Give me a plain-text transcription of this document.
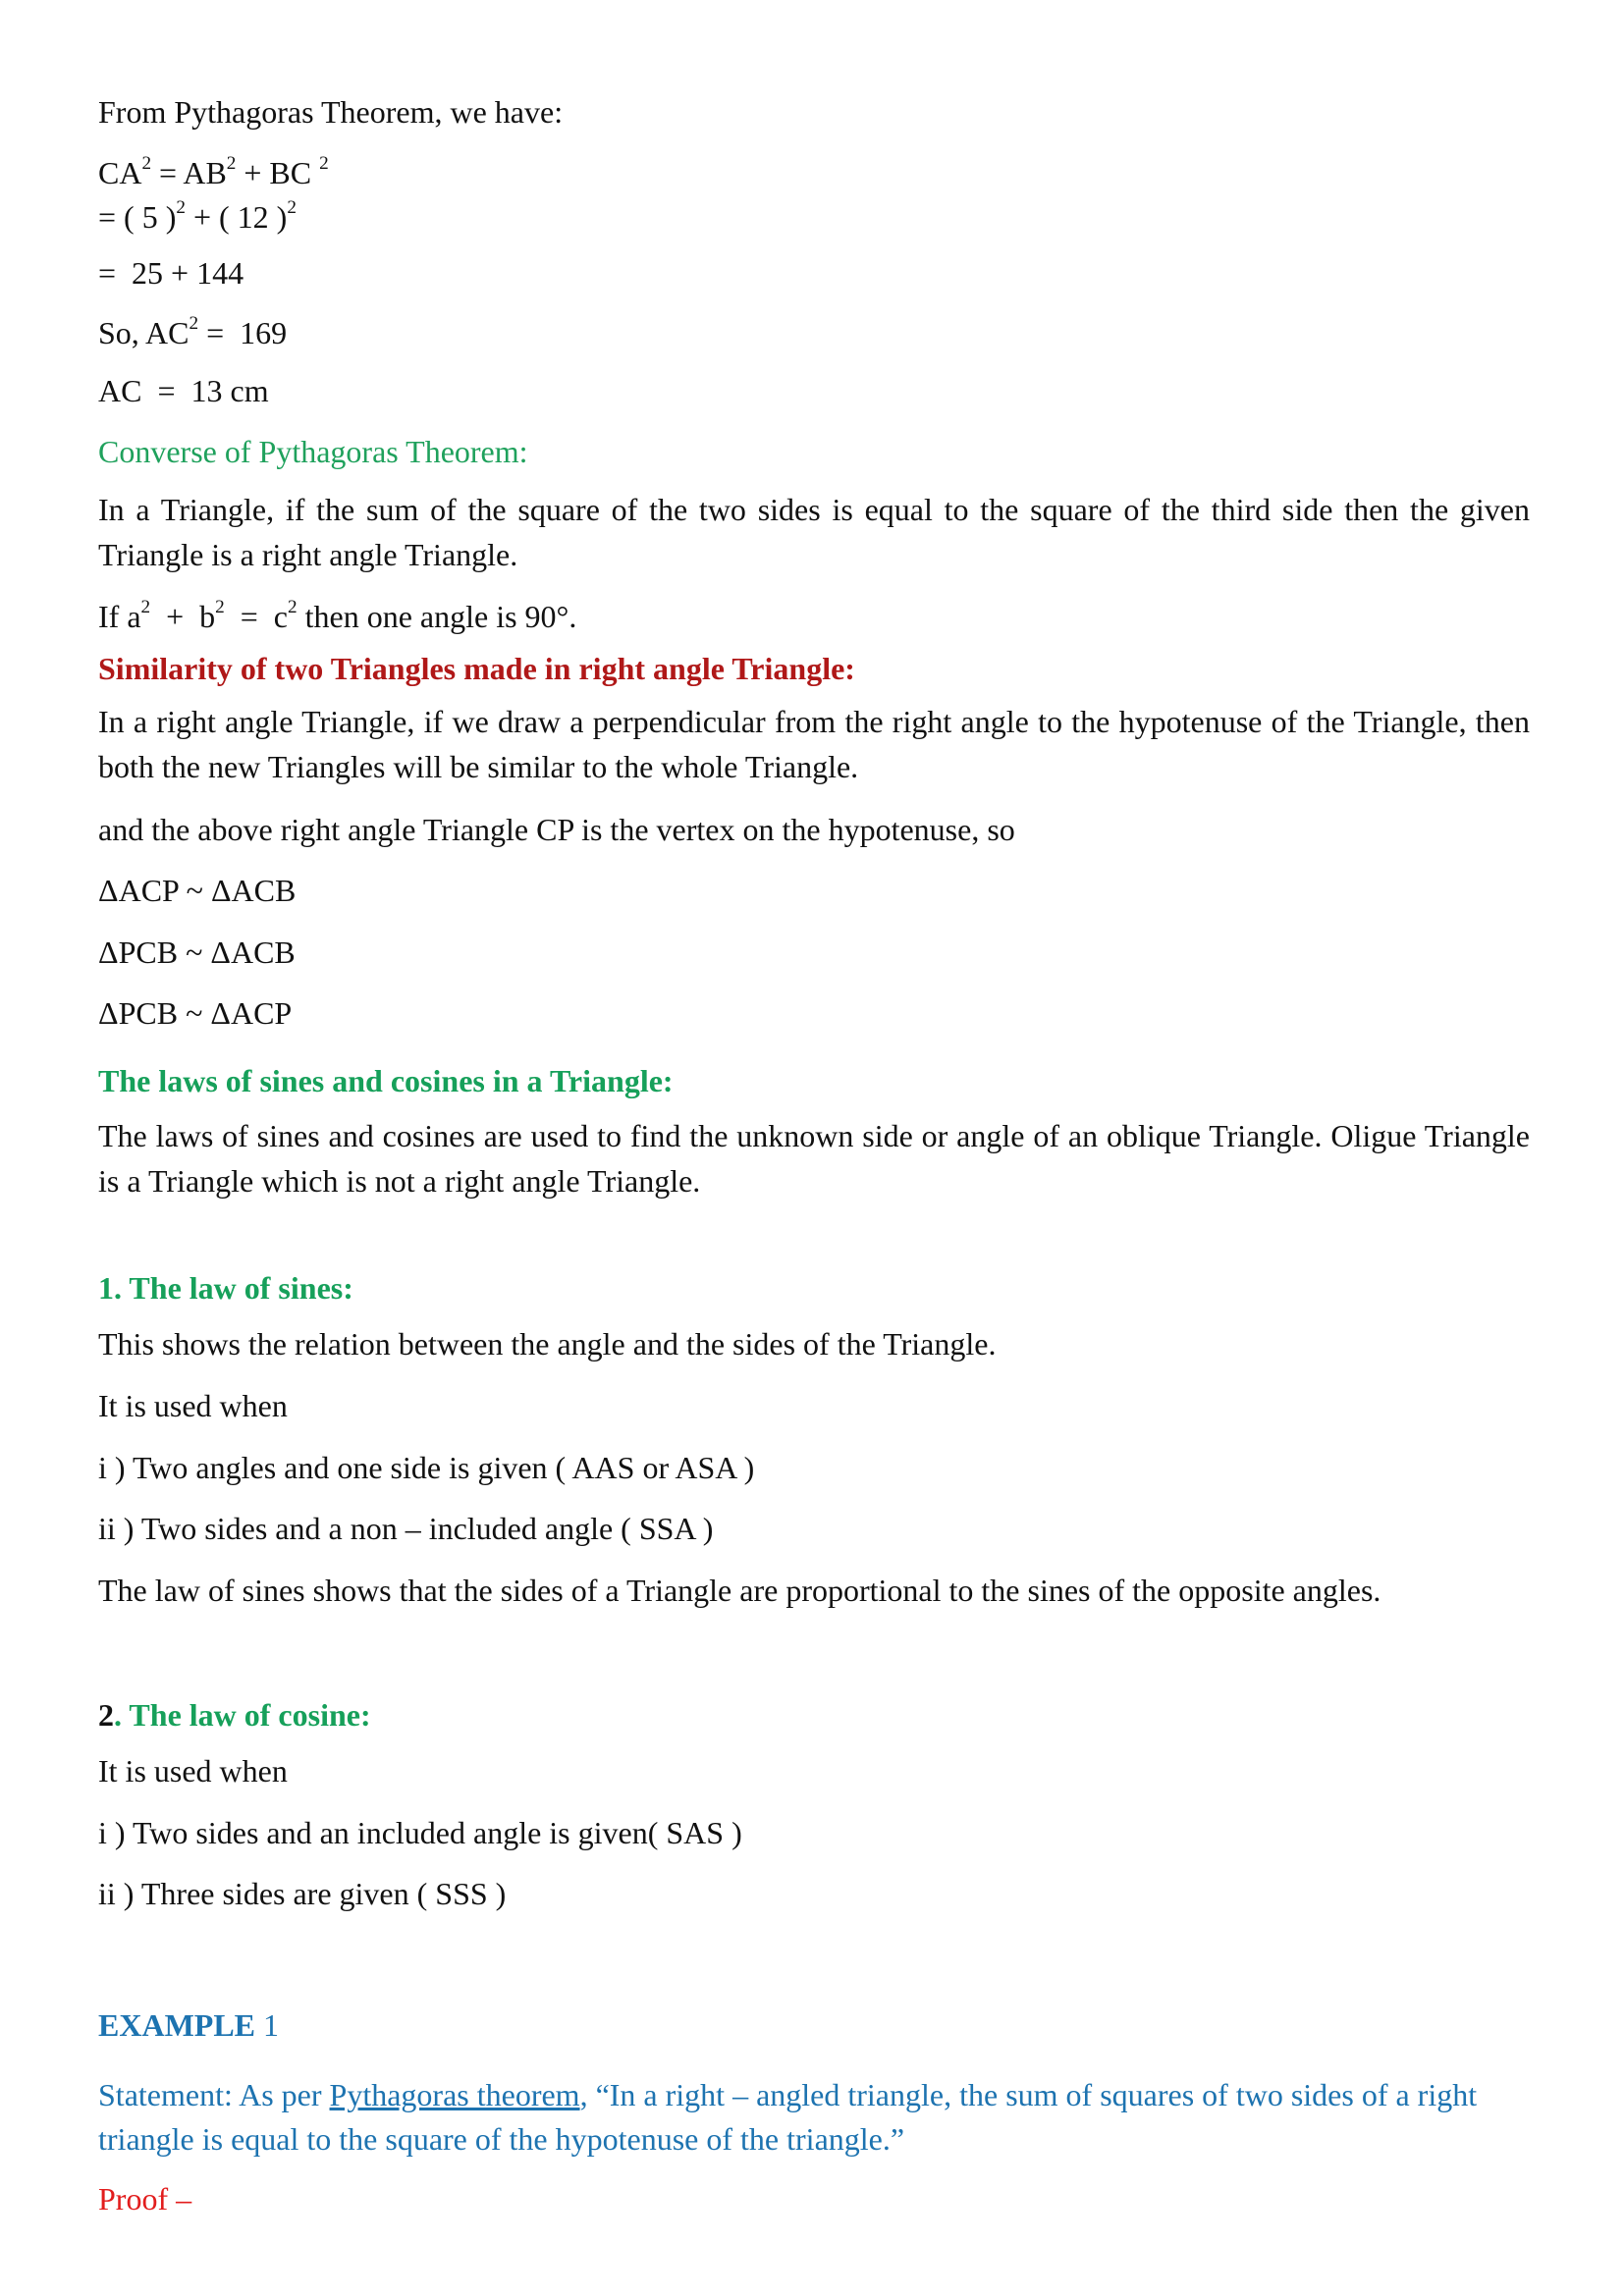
From Pythagoras Theorem, we have:
$CA^2 = AB^2$ + BC $^2$
= ( 5 )$^2$ + ( 12 )$^2$
=  25 + 144
So, $AC^2 = 169$
AC  =  13 cm
Converse of Pythagoras Theorem:
In a Triangle, if the sum of the square of the two sides is equal to the square of the third side then the given Triangle is a right angle Triangle.
If $a^2 + b^2 = c^2$ then one angle is 90°.
Similarity of two Triangles made in right angle Triangle:
In a right angle Triangle, if we draw a perpendicular from the right angle to the hypotenuse of the Triangle, then both the new Triangles will be similar to the whole Triangle.
and the above right angle Triangle CP is the vertex on the hypotenuse, so
ΔACP ~ ΔACB
ΔPCB ~ ΔACB
ΔPCB ~ ΔACP
The laws of sines and cosines in a Triangle:
The laws of sines and cosines are used to find the unknown side or angle of an oblique Triangle. Oligue Triangle is a Triangle which is not a right angle Triangle.
1. The law of sines:
This shows the relation between the angle and the sides of the Triangle.
It is used when
i ) Two angles and one side is given ( AAS or ASA )
ii ) Two sides and a non – included angle ( SSA )
The law of sines shows that the sides of a Triangle are proportional to the sines of the opposite angles.
2. The law of cosine:
It is used when
i ) Two sides and an included angle is given( SAS )
ii ) Three sides are given ( SSS )
EXAMPLE 1
Statement: As per Pythagoras theorem, “In a right – angled triangle, the sum of squares of two sides of a right triangle is equal to the square of the hypotenuse of the triangle.”
Proof –
